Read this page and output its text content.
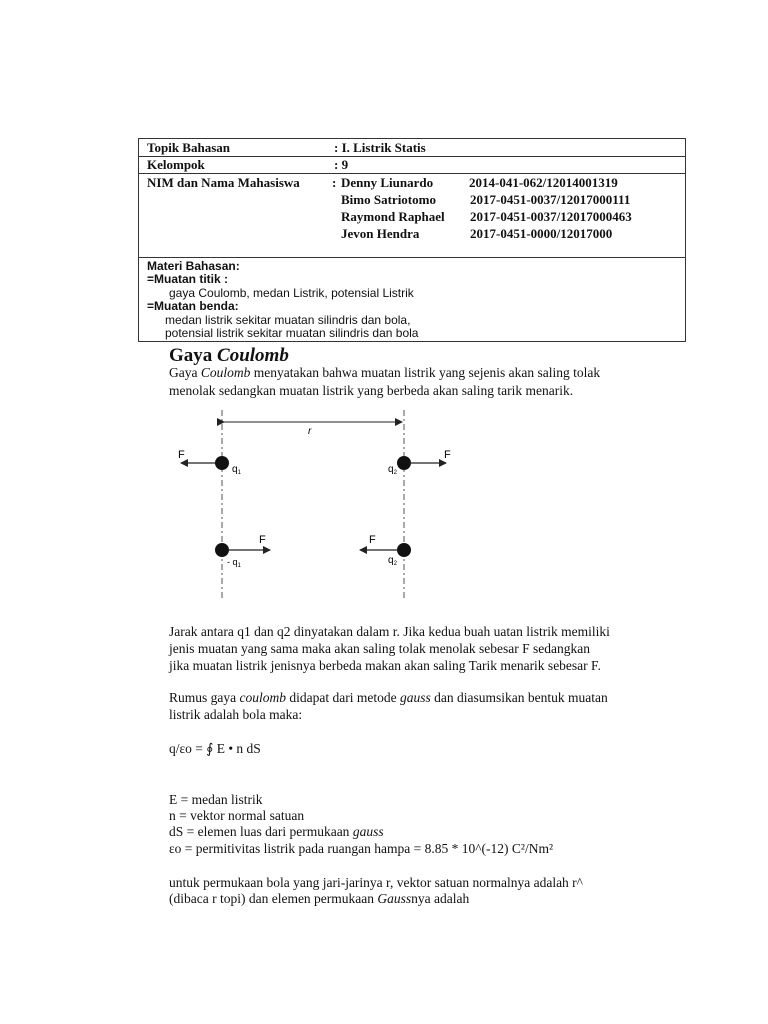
Topik Bahasan	: I. Listrik Statis
Kelompok	: 9
NIM dan Nama Mahasiswa : Denny Liunardo	2014-041-062/12014001319
Bimo Satriotomo	2017-0451-0037/12017000111
Raymond Raphael 2017-0451-0037/12017000463
Jevon Hendra	2017-0451-0000/12017000
Materi Bahasan:
=Muatan titik :
gaya Coulomb, medan Listrik, potensial Listrik
=Muatan benda:
medan listrik sekitar muatan silindris dan bola,
potensial listrik sekitar muatan silindris dan bola
Gaya Coulomb
Gaya Coulomb menyatakan bahwa muatan listrik yang sejenis akan saling tolak
menolak sedangkan muatan listrik yang berbeda akan saling tarik menarik.
r
F
$q_1$
F
$q_2$
F
- $q_1$
F
$q_2$
Jarak antara q1 dan q2 dinyatakan dalam r. Jika kedua buah uatan listrik memiliki
jenis muatan yang sama maka akan saling tolak menolak sebesar F sedangkan
jika muatan listrik jenisnya berbeda makan akan saling Tarik menarik sebesar F.
Rumus gaya coulomb didapat dari metode gauss dan diasumsikan bentuk muatan
listrik adalah bola maka:
q/εo = ∮ E • n dS
E = medan listrik
n = vektor normal satuan
dS = elemen luas dari permukaan gauss
εo = permitivitas listrik pada ruangan hampa = 8.85 * 10^(-12) C²/Nm²
untuk permukaan bola yang jari-jarinya r, vektor satuan normalnya adalah r^
(dibaca r topi) dan elemen permukaan Gaussnya adalah
